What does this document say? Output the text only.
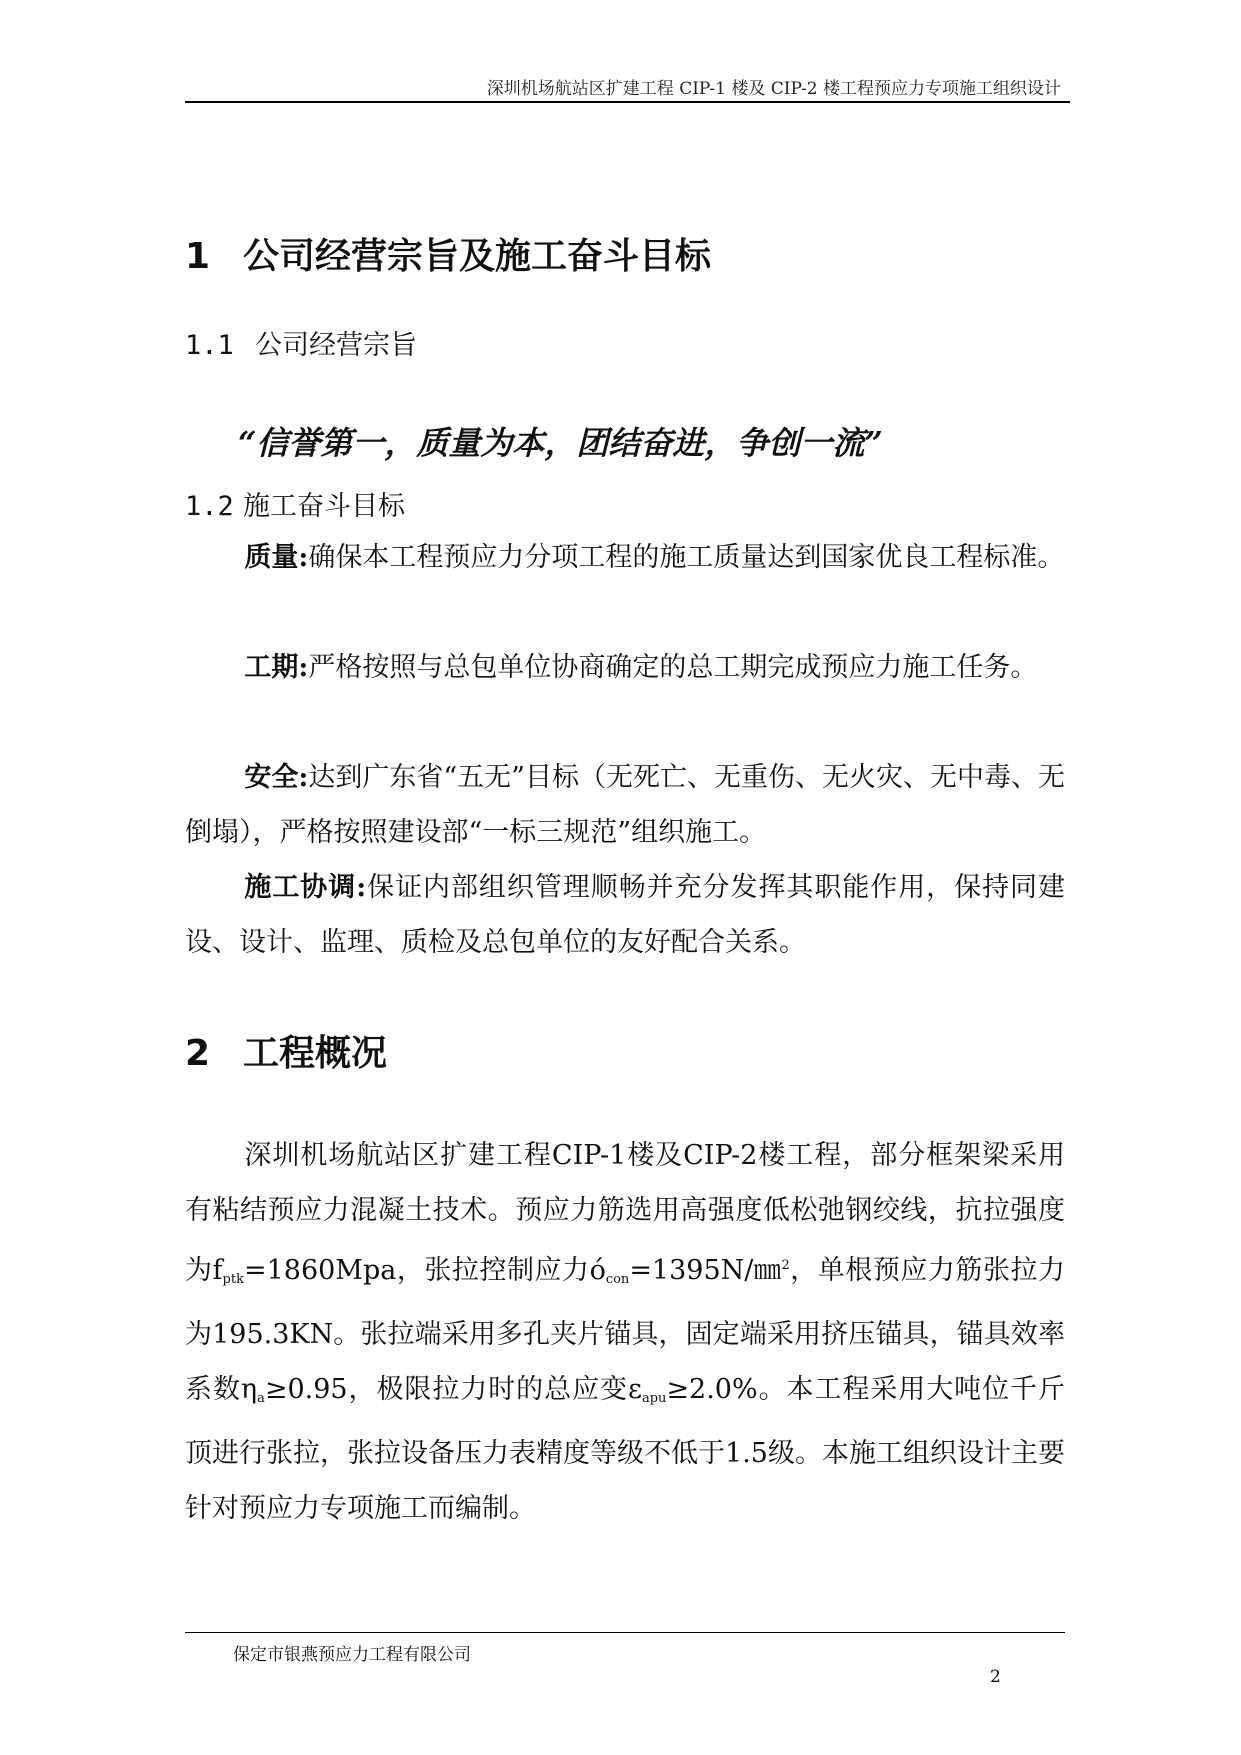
深圳机场航站区扩建工程 CIP-1 楼及 CIP-2 楼工程预应力专项施工组织设计
1 公司经营宗旨及施工奋斗目标
1.1 公司经营宗旨
“信誉第一，质量为本，团结奋进，争创一流”
1.2 施工奋斗目标
质量:确保本工程预应力分项工程的施工质量达到国家优良工程标准。
工期:严格按照与总包单位协商确定的总工期完成预应力施工任务。
安全:达到广东省“五无”目标（无死亡、无重伤、无火灾、无中毒、无倒塌），严格按照建设部“一标三规范”组织施工。
施工协调:保证内部组织管理顺畅并充分发挥其职能作用，保持同建设、设计、监理、质检及总包单位的友好配合关系。
2 工程概况
深圳机场航站区扩建工程CIP-1楼及CIP-2楼工程，部分框架梁采用有粘结预应力混凝土技术。预应力筋选用高强度低松弛钢绞线，抗拉强度为$f_{ptk}=1860Mpa$，张拉控制应力$ó_{con}=1395N/㎜^2$，单根预应力筋张拉力为195.3KN。张拉端采用多孔夹片锚具，固定端采用挤压锚具，锚具效率系数$\eta_a\ge 0.95$，极限拉力时的总应变$\varepsilon_{apu}\ge 2.0\%$。本工程采用大吨位千斤顶进行张拉，张拉设备压力表精度等级不低于1.5级。本施工组织设计主要针对预应力专项施工而编制。
保定市银燕预应力工程有限公司
2
